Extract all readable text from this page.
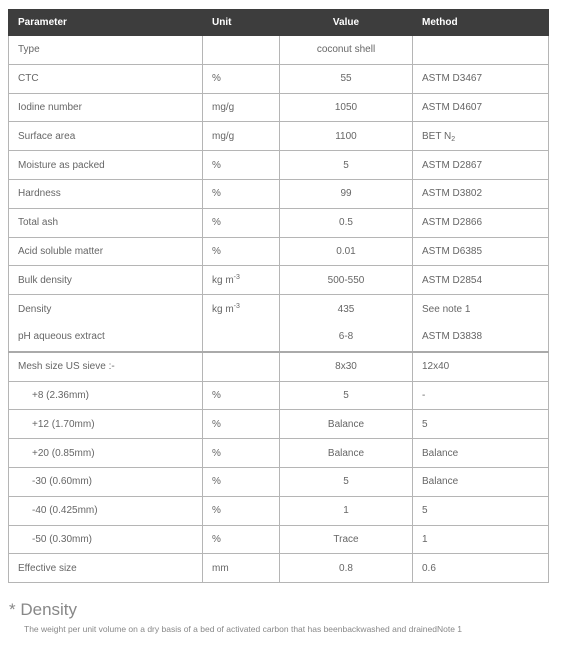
Parameter	Unit	Value	Method
Type		coconut shell	
CTC	%	55	ASTM D3467
Iodine number	mg/g	1050	ASTM D4607
Surface area	mg/g	1100	BET $N_2$
Moisture as packed	%	5	ASTM D2867
Hardness	%	99	ASTM D3802
Total ash	%	0.5	ASTM D2866
Acid soluble matter	%	0.01	ASTM D6385
Bulk density	kg $m^{-3}$	500-550	ASTM D2854
Density	kg $m^{-3}$	435	See note 1
pH aqueous extract		6-8	ASTM D3838
Mesh size US sieve :-		8x30	12x40
+8 (2.36mm)	%	5	-
+12 (1.70mm)	%	Balance	5
+20 (0.85mm)	%	Balance	Balance
-30 (0.60mm)	%	5	Balance
-40 (0.425mm)	%	1	5
-50 (0.30mm)	%	Trace	1
Effective size	mm	0.8	0.6
* Density
The weight per unit volume on a dry basis of a bed of activated carbon that has beenbackwashed and drainedNote 1
